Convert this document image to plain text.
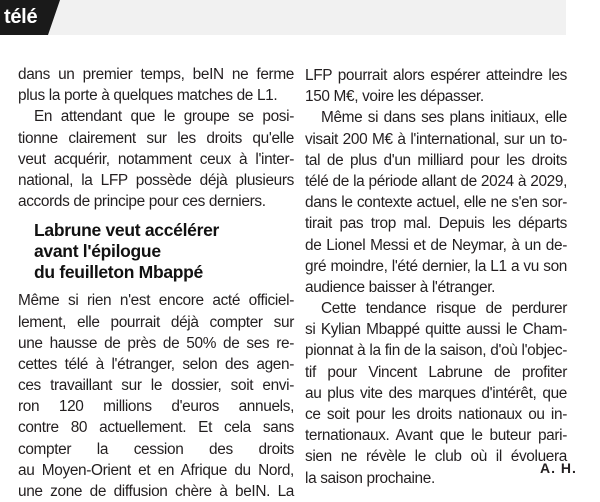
télé
dans un premier temps, beIN ne ferme
plus la porte à quelques matches de L1.
En attendant que le groupe se posi-
tionne clairement sur les droits qu'elle
veut acquérir, notamment ceux à l'inter-
national, la LFP possède déjà plusieurs
accords de principe pour ces derniers.
Labrune veut accélérer
avant l'épilogue
du feuilleton Mbappé
Même si rien n'est encore acté officiel-
lement, elle pourrait déjà compter sur
une hausse de près de 50% de ses re-
cettes télé à l'étranger, selon des agen-
ces travaillant sur le dossier, soit envi-
ron 120 millions d'euros annuels,
contre 80 actuellement. Et cela sans
compter la cession des droits
au Moyen-Orient et en Afrique du Nord,
une zone de diffusion chère à beIN. La
LFP pourrait alors espérer atteindre les
150 M€, voire les dépasser.
Même si dans ses plans initiaux, elle
visait 200 M€ à l'international, sur un to-
tal de plus d'un milliard pour les droits
télé de la période allant de 2024 à 2029,
dans le contexte actuel, elle ne s'en sor-
tirait pas trop mal. Depuis les départs
de Lionel Messi et de Neymar, à un de-
gré moindre, l'été dernier, la L1 a vu son
audience baisser à l'étranger.
Cette tendance risque de perdurer
si Kylian Mbappé quitte aussi le Cham-
pionnat à la fin de la saison, d'où l'objec-
tif pour Vincent Labrune de profiter
au plus vite des marques d'intérêt, que
ce soit pour les droits nationaux ou in-
ternationaux. Avant que le buteur pari-
sien ne révèle le club où il évoluera
la saison prochaine.
A. H.
